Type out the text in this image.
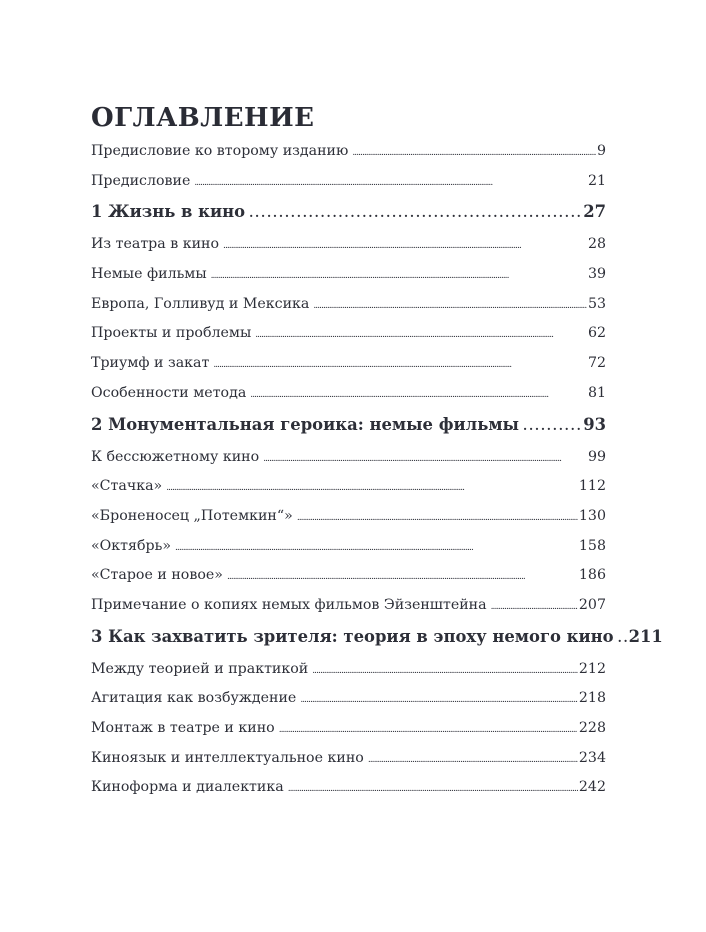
ОГЛАВЛЕНИЕ
Предисловие ко второму изданию . . .	9
Предисловие . . .	21
1 Жизнь в кино . . .	27
Из театра в кино . . .	28
Немые фильмы . . .	39
Европа, Голливуд и Мексика . . .	53
Проекты и проблемы . . .	62
Триумф и закат . . .	72
Особенности метода . . .	81
2 Монументальная героика: немые фильмы . . .	93
К бессюжетному кино . . .	99
«Стачка» . . .	112
«Броненосец „Потемкин“» . . .	130
«Октябрь» . . .	158
«Старое и новое» . . .	186
Примечание о копиях немых фильмов Эйзенштейна . . .	207
3 Как захватить зрителя: теория в эпоху немого кино . . . 211
Между теорией и практикой . . .	212
Агитация как возбуждение . . .	218
Монтаж в театре и кино . . .	228
Киноязык и интеллектуальное кино . . .	234
Киноформа и диалектика . . .	242
